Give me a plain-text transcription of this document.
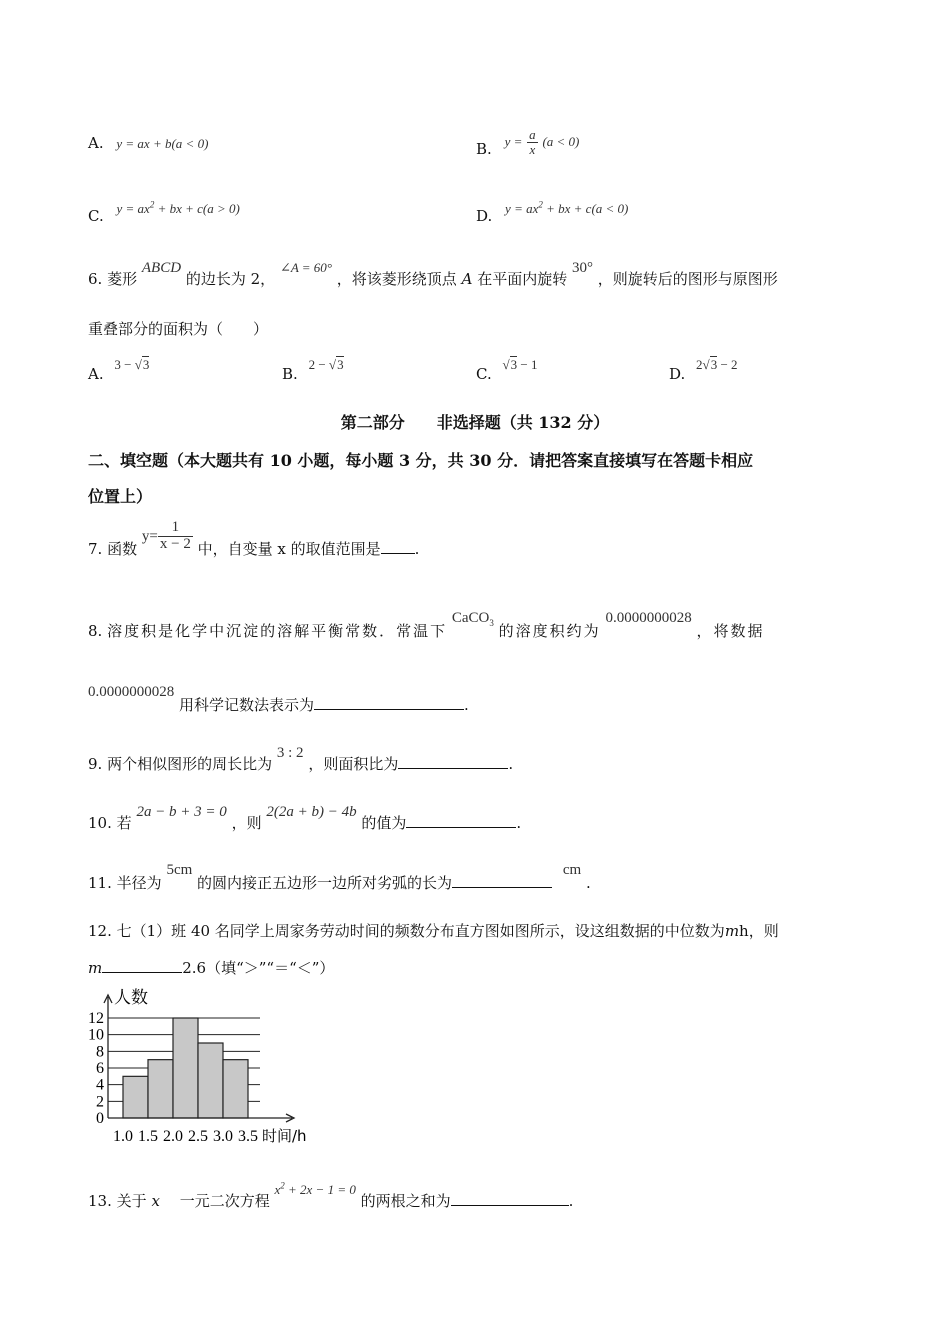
A. y = ax + b(a < 0)	B. $y = \frac{a}{x} (a < 0)$
C. $y = ax^2$ + bx + c(a > 0)	D. $y = ax^2$ + bx + c(a < 0)
6. 菱形 ABCD 的边长为 2， ∠A = 60° ，将该菱形绕顶点 A 在平面内旋转 30° ，则旋转后的图形与原图形
重叠部分的面积为（　　）
A. 3 − √3
B. 2 − √3
C. √3 − 1
D. 2√3 − 2
第二部分　　非选择题（共 132 分）
二、填空题（本大题共有 10 小题，每小题 3 分，共 30 分．请把答案直接填写在答题卡相应
位置上）
7. 函数 $y= \frac{1}{x - 2}$ 中，自变量 x 的取值范围是 .
8. 溶度积是化学中沉淀的溶解平衡常数．常温下 CaCO$_3$ 的溶度积约为 0.0000000028 ，将数据
0.0000000028 用科学记数法表示为	.
9. 两个相似图形的周长比为 3 : 2 ，则面积比为	.
10. 若 2a − b + 3 = 0 ，则 2(2a + b) − 4b 的值为	.
11. 半径为 5cm 的圆内接正五边形一边所对劣弧的长为 cm .
12. 七（1）班 40 名同学上周家务劳动时间的频数分布直方图如图所示，设这组数据的中位数为mh，则
m	2.6（填“＞”“＝“＜”）
0
2
4
6
8
10
12
1.0 1.5 2.0 2.5 3.0 3.5
人数
时间/h
13. 关于 x 　一元二次方程 $x^2 + 2x - 1 = 0$ 的两根之和为	.
